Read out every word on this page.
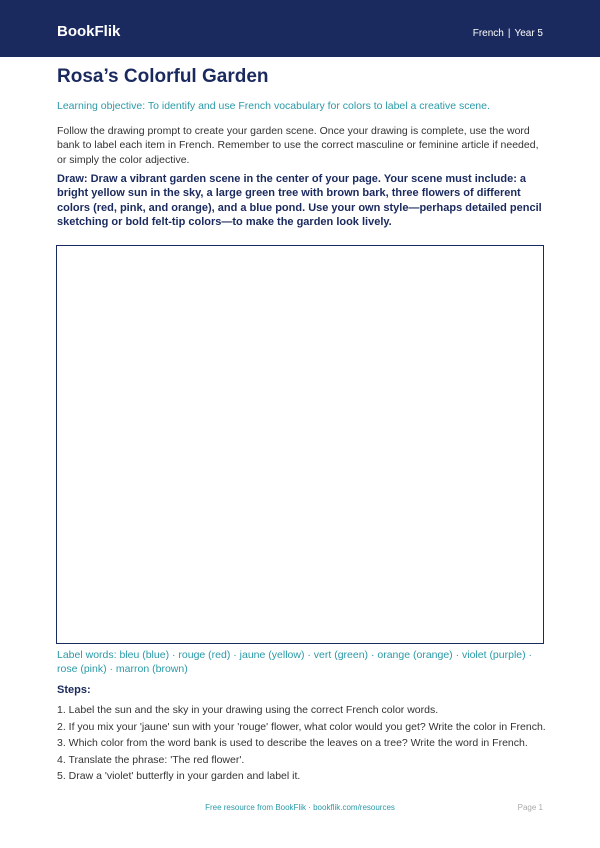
BookFlik	French | Year 5
Rosa’s Colorful Garden

Learning objective: To identify and use French vocabulary for colors to label a creative scene.

Follow the drawing prompt to create your garden scene. Once your drawing is complete, use the word bank to label each item in French. Remember to use the correct masculine or feminine article if needed, or simply the color adjective.

Draw: Draw a vibrant garden scene in the center of your page. Your scene must include: a bright yellow sun in the sky, a large green tree with brown bark, three flowers of different colors (red, pink, and orange), and a blue pond. Use your own style—perhaps detailed pencil sketching or bold felt-tip colors—to make the garden look lively.

Label words: bleu (blue) · rouge (red) · jaune (yellow) · vert (green) · orange (orange) · violet (purple) · rose (pink) · marron (brown)

Steps:
1. Label the sun and the sky in your drawing using the correct French color words.
2. If you mix your 'jaune' sun with your 'rouge' flower, what color would you get? Write the color in French.
3. Which color from the word bank is used to describe the leaves on a tree? Write the word in French.
4. Translate the phrase: 'The red flower'.
5. Draw a 'violet' butterfly in your garden and label it.
Free resource from BookFlik · bookflik.com/resources	Page 1
